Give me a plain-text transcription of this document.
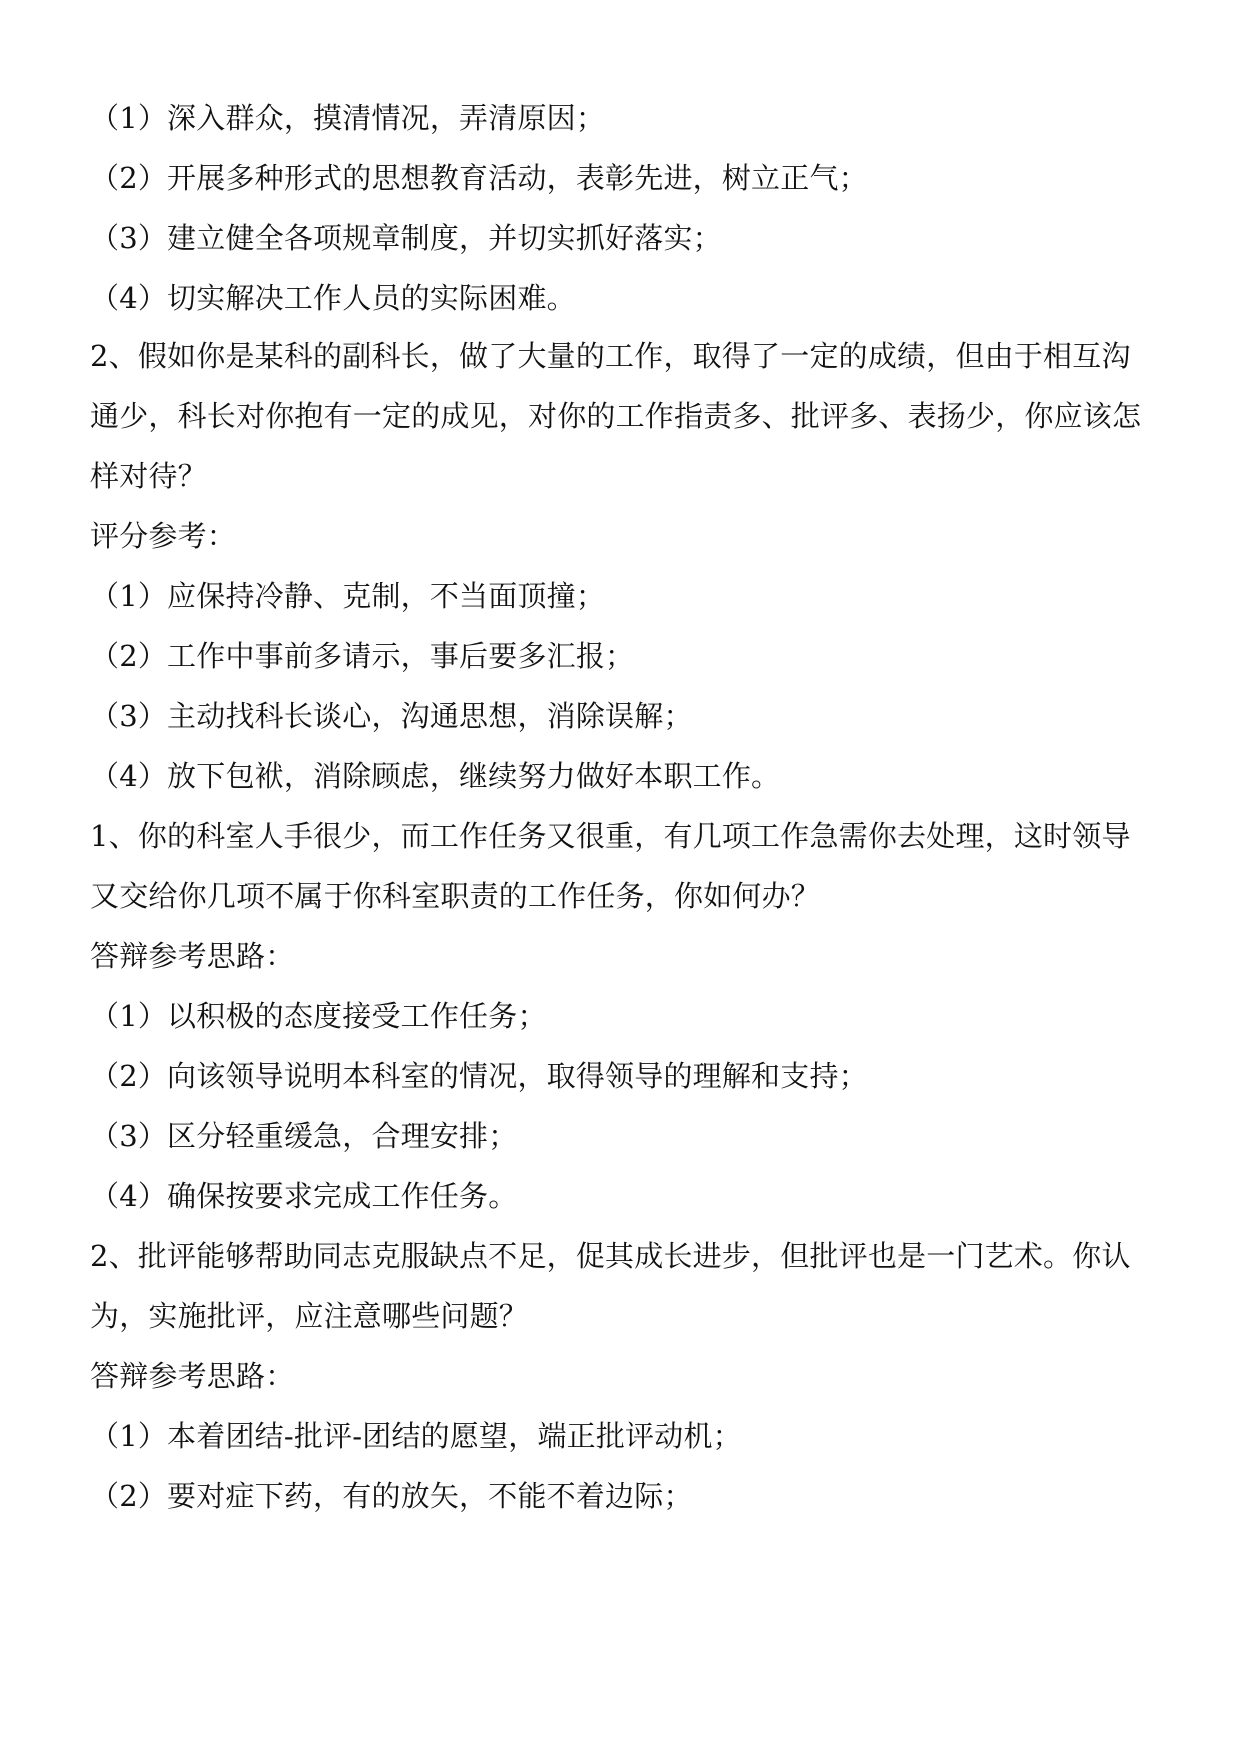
（1）深入群众，摸清情况，弄清原因；
（2）开展多种形式的思想教育活动，表彰先进，树立正气；
（3）建立健全各项规章制度，并切实抓好落实；
（4）切实解决工作人员的实际困难。
2、假如你是某科的副科长，做了大量的工作，取得了一定的成绩，但由于相互沟
通少，科长对你抱有一定的成见，对你的工作指责多、批评多、表扬少，你应该怎
样对待？
评分参考：
（1）应保持冷静、克制，不当面顶撞；
（2）工作中事前多请示，事后要多汇报；
（3）主动找科长谈心，沟通思想，消除误解；
（4）放下包袱，消除顾虑，继续努力做好本职工作。
1、你的科室人手很少，而工作任务又很重，有几项工作急需你去处理，这时领导
又交给你几项不属于你科室职责的工作任务，你如何办？
答辩参考思路：
（1）以积极的态度接受工作任务；
（2）向该领导说明本科室的情况，取得领导的理解和支持；
（3）区分轻重缓急，合理安排；
（4）确保按要求完成工作任务。
2、批评能够帮助同志克服缺点不足，促其成长进步，但批评也是一门艺术。你认
为，实施批评，应注意哪些问题？
答辩参考思路：
（1）本着团结-批评-团结的愿望，端正批评动机；
（2）要对症下药，有的放矢，不能不着边际；
